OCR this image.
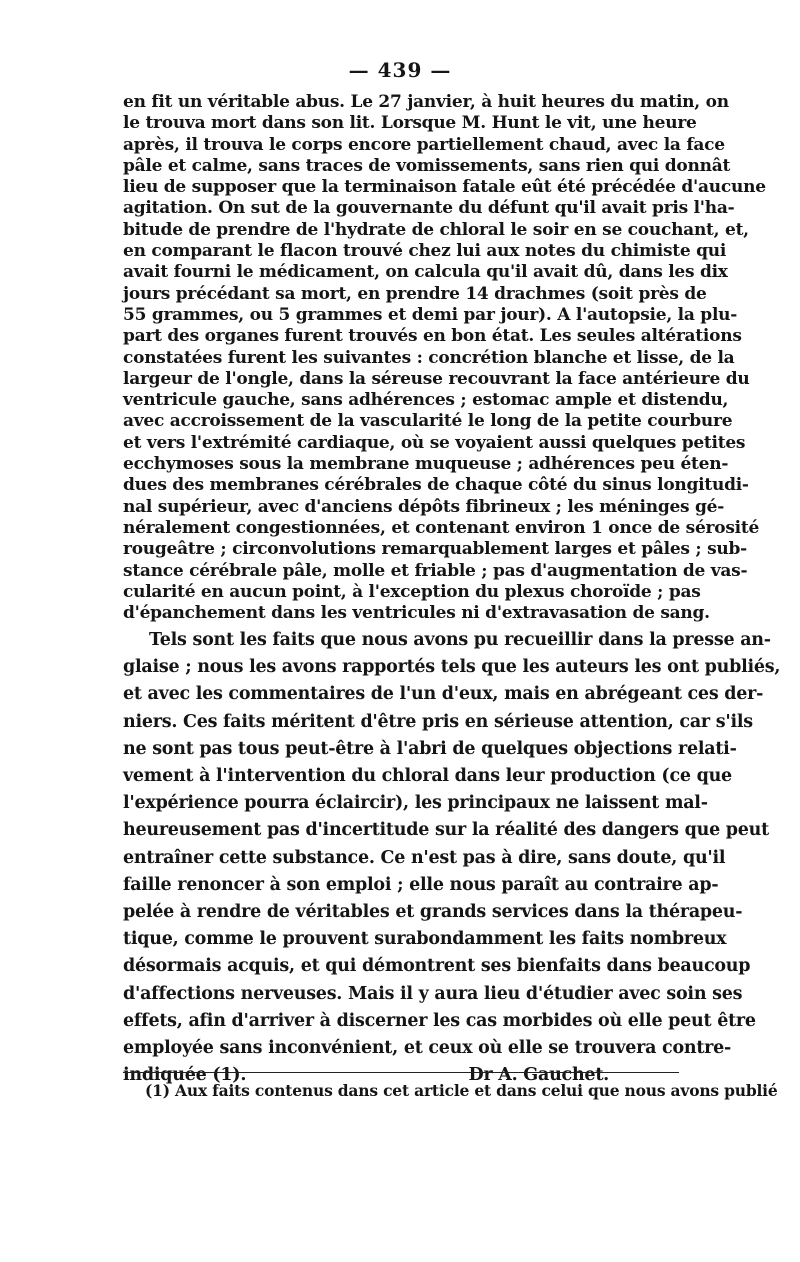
— 439 —
en fit un véritable abus. Le 27 janvier, à huit heures du matin, on
le trouva mort dans son lit. Lorsque M. Hunt le vit, une heure
après, il trouva le corps encore partiellement chaud, avec la face
pâle et calme, sans traces de vomissements, sans rien qui donnât
lieu de supposer que la terminaison fatale eût été précédée d'aucune
agitation. On sut de la gouvernante du défunt qu'il avait pris l'ha-
bitude de prendre de l'hydrate de chloral le soir en se couchant, et,
en comparant le flacon trouvé chez lui aux notes du chimiste qui
avait fourni le médicament, on calcula qu'il avait dû, dans les dix
jours précédant sa mort, en prendre 14 drachmes (soit près de
55 grammes, ou 5 grammes et demi par jour). A l'autopsie, la plu-
part des organes furent trouvés en bon état. Les seules altérations
constatées furent les suivantes : concrétion blanche et lisse, de la
largeur de l'ongle, dans la séreuse recouvrant la face antérieure du
ventricule gauche, sans adhérences ; estomac ample et distendu,
avec accroissement de la vascularité le long de la petite courbure
et vers l'extrémité cardiaque, où se voyaient aussi quelques petites
ecchymoses sous la membrane muqueuse ; adhérences peu éten-
dues des membranes cérébrales de chaque côté du sinus longitudi-
nal supérieur, avec d'anciens dépôts fibrineux ; les méninges gé-
néralement congestionnées, et contenant environ 1 once de sérosité
rougeâtre ; circonvolutions remarquablement larges et pâles ; sub-
stance cérébrale pâle, molle et friable ; pas d'augmentation de vas-
cularité en aucun point, à l'exception du plexus choroïde ; pas
d'épanchement dans les ventricules ni d'extravasation de sang.
Tels sont les faits que nous avons pu recueillir dans la presse an-
glaise ; nous les avons rapportés tels que les auteurs les ont publiés,
et avec les commentaires de l'un d'eux, mais en abrégeant ces der-
niers. Ces faits méritent d'être pris en sérieuse attention, car s'ils
ne sont pas tous peut-être à l'abri de quelques objections relati-
vement à l'intervention du chloral dans leur production (ce que
l'expérience pourra éclaircir), les principaux ne laissent mal-
heureusement pas d'incertitude sur la réalité des dangers que peut
entraîner cette substance. Ce n'est pas à dire, sans doute, qu'il
faille renoncer à son emploi ; elle nous paraît au contraire ap-
pelée à rendre de véritables et grands services dans la thérapeu-
tique, comme le prouvent surabondamment les faits nombreux
désormais acquis, et qui démontrent ses bienfaits dans beaucoup
d'affections nerveuses. Mais il y aura lieu d'étudier avec soin ses
effets, afin d'arriver à discerner les cas morbides où elle peut être
employée sans inconvénient, et ceux où elle se trouvera contre-
indiquée (1).	Dr A. Gauchet.
(1) Aux faits contenus dans cet article et dans celui que nous avons publié
